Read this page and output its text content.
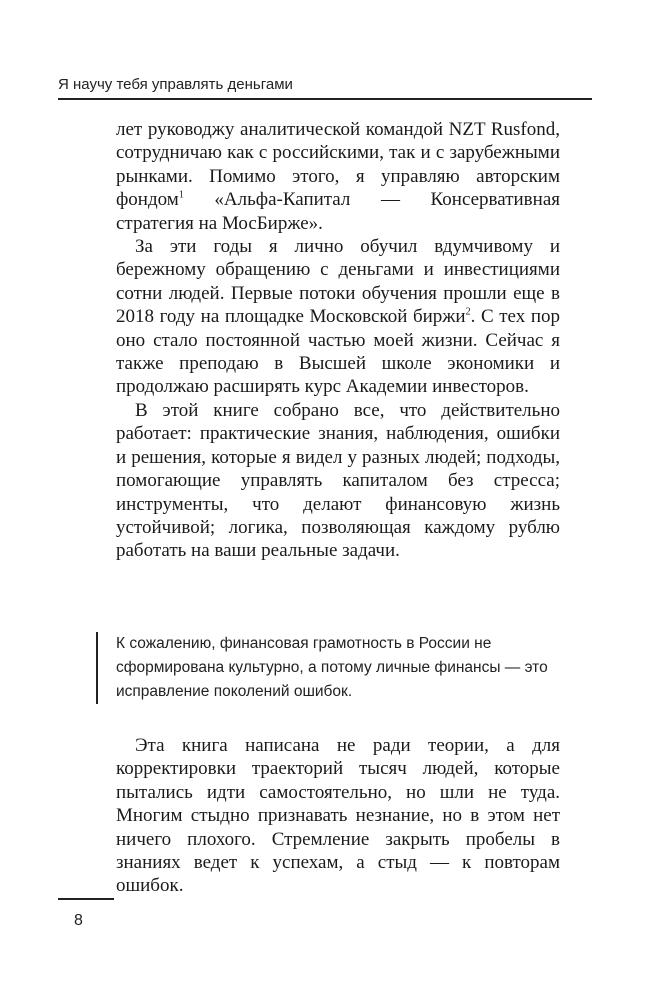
Я научу тебя управлять деньгами

лет руководжу аналитической командой NZT Rusfond, сотрудничаю как с российскими, так и с зарубежными рынками. Помимо этого, я управляю авторским фондом$^1$ «Альфа-Капитал — Консервативная стратегия на МосБирже».

За эти годы я лично обучил вдумчивому и бережному обращению с деньгами и инвестициями сотни людей. Первые потоки обучения прошли еще в 2018 году на площадке Московской биржи$^2$. С тех пор оно стало постоянной частью моей жизни. Сейчас я также преподаю в Высшей школе экономики и продолжаю расширять курс Академии инвесторов.

В этой книге собрано все, что действительно работает: практические знания, наблюдения, ошибки и решения, которые я видел у разных людей; подходы, помогающие управлять капиталом без стресса; инструменты, что делают финансовую жизнь устойчивой; логика, позволяющая каждому рублю работать на ваши реальные задачи.

К сожалению, финансовая грамотность в России не сформирована культурно, а потому личные финансы — это исправление поколений ошибок.

Эта книга написана не ради теории, а для корректировки траекторий тысяч людей, которые пытались идти самостоятельно, но шли не туда. Многим стыдно признавать незнание, но в этом нет ничего плохого. Стремление закрыть пробелы в знаниях ведет к успехам, а стыд — к повторам ошибок.

8
